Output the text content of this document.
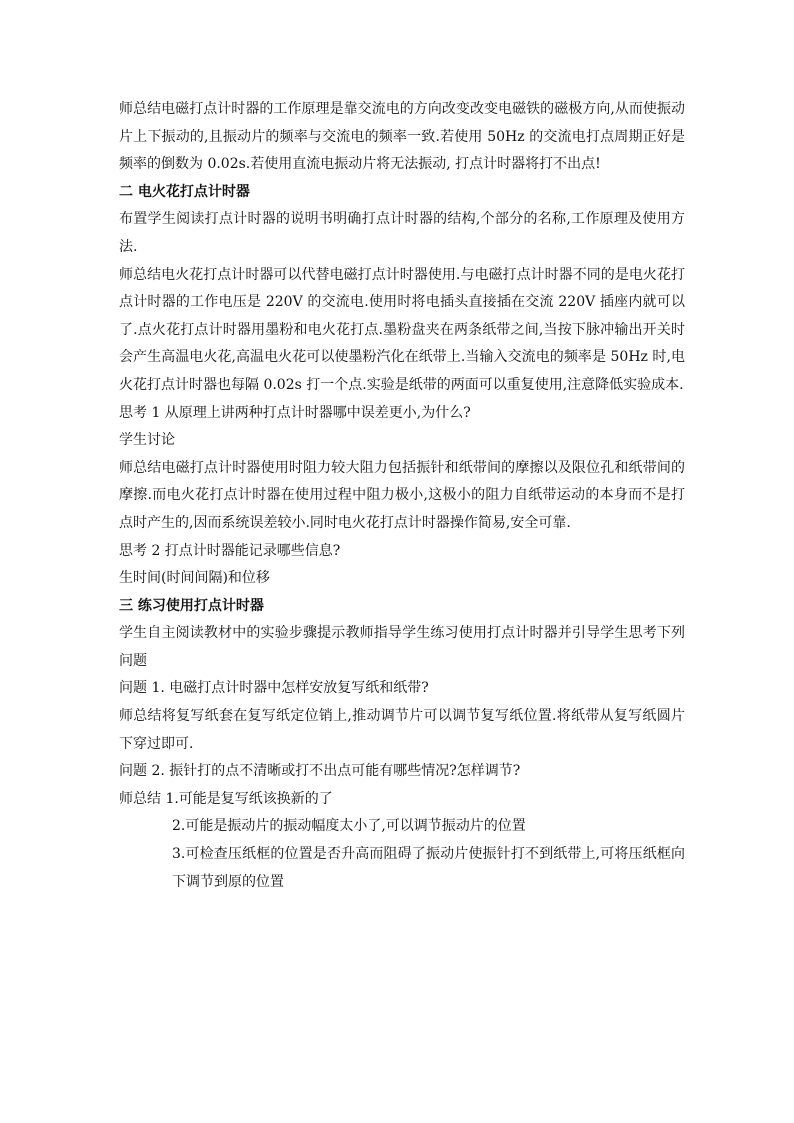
师总结电磁打点计时器的工作原理是靠交流电的方向改变改变电磁铁的磁极方向,从而使振动片上下振动的,且振动片的频率与交流电的频率一致.若使用 50Hz 的交流电打点周期正好是频率的倒数为 0.02s.若使用直流电振动片将无法振动, 打点计时器将打不出点!

二 电火花打点计时器

布置学生阅读打点计时器的说明书明确打点计时器的结构,个部分的名称,工作原理及使用方法.

师总结电火花打点计时器可以代替电磁打点计时器使用.与电磁打点计时器不同的是电火花打点计时器的工作电压是 220V 的交流电.使用时将电插头直接插在交流 220V 插座内就可以了.点火花打点计时器用墨粉和电火花打点.墨粉盘夹在两条纸带之间,当按下脉冲输出开关时会产生高温电火花,高温电火花可以使墨粉汽化在纸带上.当输入交流电的频率是 50Hz 时,电火花打点计时器也每隔 0.02s 打一个点.实验是纸带的两面可以重复使用,注意降低实验成本.

思考 1 从原理上讲两种打点计时器哪中误差更小,为什么?

学生讨论

师总结电磁打点计时器使用时阻力较大阻力包括振针和纸带间的摩擦以及限位孔和纸带间的摩擦.而电火花打点计时器在使用过程中阻力极小,这极小的阻力自纸带运动的本身而不是打点时产生的,因而系统误差较小.同时电火花打点计时器操作简易,安全可靠.

思考 2 打点计时器能记录哪些信息?

生时间(时间间隔)和位移

三 练习使用打点计时器

学生自主阅读教材中的实验步骤提示教师指导学生练习使用打点计时器并引导学生思考下列问题

问题 1. 电磁打点计时器中怎样安放复写纸和纸带?

师总结将复写纸套在复写纸定位销上,推动调节片可以调节复写纸位置.将纸带从复写纸圆片下穿过即可.

问题 2. 振针打的点不清晰或打不出点可能有哪些情况?怎样调节?

师总结 1.可能是复写纸该换新的了

2.可能是振动片的振动幅度太小了,可以调节振动片的位置

3.可检查压纸框的位置是否升高而阻碍了振动片使振针打不到纸带上,可将压纸框向下调节到原的位置
